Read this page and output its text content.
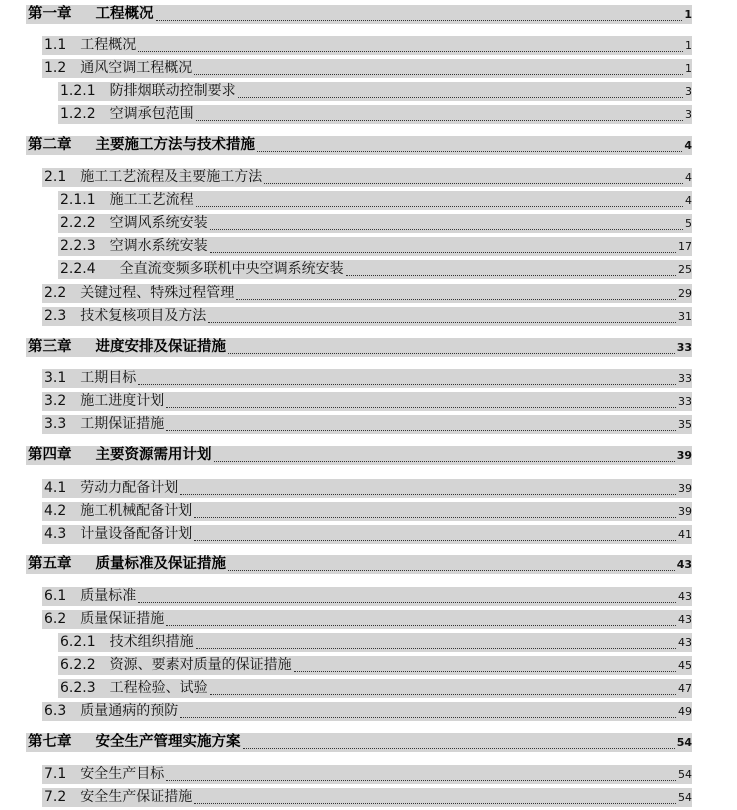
第一章 工程概况	1
1.1 工程概况	1
1.2 通风空调工程概况	1
1.2.1 防排烟联动控制要求	3
1.2.2 空调承包范围	3
第二章 主要施工方法与技术措施	4
2.1 施工工艺流程及主要施工方法	4
2.1.1 施工工艺流程	4
2.2.2 空调风系统安装	5
2.2.3 空调水系统安装	17
2.2.4 全直流变频多联机中央空调系统安装	25
2.2 关键过程、特殊过程管理	29
2.3 技术复核项目及方法	31
第三章 进度安排及保证措施	33
3.1 工期目标	33
3.2 施工进度计划	33
3.3 工期保证措施	35
第四章 主要资源需用计划	39
4.1 劳动力配备计划	39
4.2 施工机械配备计划	39
4.3 计量设备配备计划	41
第五章 质量标准及保证措施	43
6.1 质量标准	43
6.2 质量保证措施	43
6.2.1 技术组织措施	43
6.2.2 资源、要素对质量的保证措施	45
6.2.3 工程检验、试验	47
6.3 质量通病的预防	49
第七章 安全生产管理实施方案	54
7.1 安全生产目标	54
7.2 安全生产保证措施	54
